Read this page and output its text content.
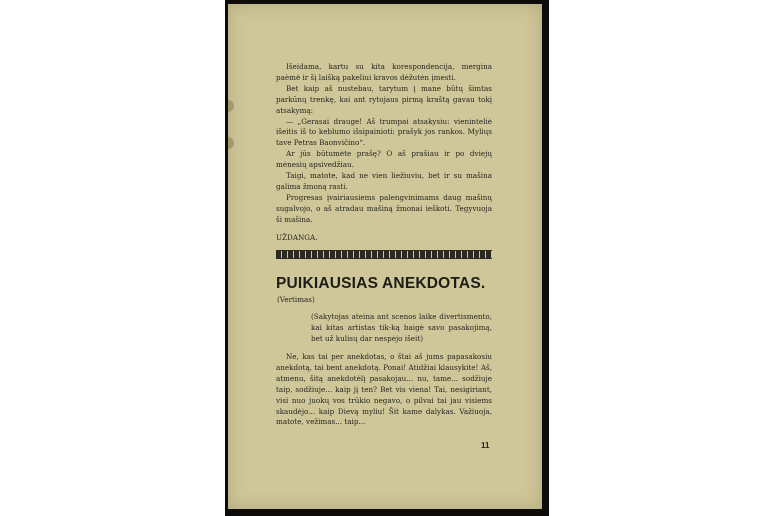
Išeidama, kartu su kita korespondencija, mergina paėmė ir šį laišką pakeliui kravos dėžutėn įmesti.

Bet kaip aš nustebau, tarytum į mane būtų šimtas parkūnų trenkę, kai ant rytojaus pirmą kraštą gavau tokį atsakymą:

— „Gerasai drauge! Aš trumpai atsakysiu: vieninteliė išeitis iš to keblumo išsipainioti: prašyk jos rankos. Myliųs tave Petras Baonvičino“.

Ar jūs būtumėte prašę? O aš prašiau ir po dviejų mėnesių apsivedžiau.

Taigi, matote, kad ne vien liežiuviu, bet ir su mašina galima žmoną rasti.

Progresas įvairiausiems palengvinimams daug mašinų sugalvojo, o aš atradau mašiną žmonai ieškoti. Tegyvuoja ši mašina.

UŽDANGA.
PUIKIAUSIAS ANEKDOTAS.
(Vertimas)
(Sakytojas ateina ant scenos laike divertismento, kai kitas artistas tik-ką baigė savo pasakojimą, bet už kulisų dar nespėjo išeit)

Ne, kas tai per anekdotas, o štai aš jums papasakosiu anekdotą, tai bent anekdotą. Ponai! Atidžiai klausykite! Aš, atmenu, šitą anekdotėlį pasakojau... nu, tame... sodžiuje taip, sodžiuje... kaip jį ten? Bet vis viena! Tai, nesigiriant, visi nuo juokų vos trūkio negavo, o pilvai tai jau visiems skaudėjo... kaip Dievą myliu! Šit kame dalykas. Važiuoja, matote, vežimas... taip...

11
